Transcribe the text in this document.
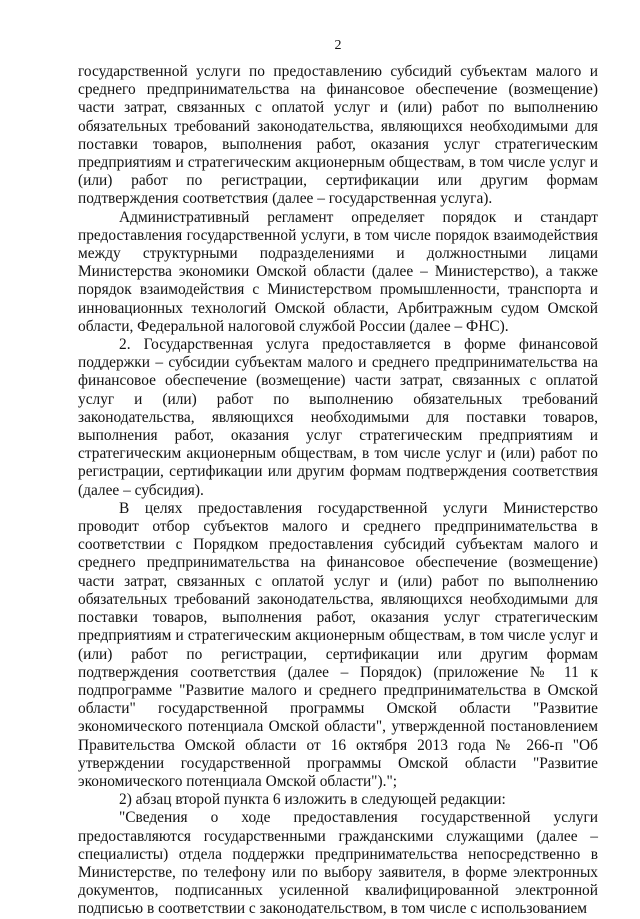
2

государственной услуги по предоставлению субсидий субъектам малого и среднего предпринимательства на финансовое обеспечение (возмещение) части затрат, связанных с оплатой услуг и (или) работ по выполнению обязательных требований законодательства, являющихся необходимыми для поставки товаров, выполнения работ, оказания услуг стратегическим предприятиям и стратегическим акционерным обществам, в том числе услуг и (или) работ по регистрации, сертификации или другим формам подтверждения соответствия (далее – государственная услуга).

Административный регламент определяет порядок и стандарт предоставления государственной услуги, в том числе порядок взаимодействия между структурными подразделениями и должностными лицами Министерства экономики Омской области (далее – Министерство), а также порядок взаимодействия с Министерством промышленности, транспорта и инновационных технологий Омской области, Арбитражным судом Омской области, Федеральной налоговой службой России (далее – ФНС).

2. Государственная услуга предоставляется в форме финансовой поддержки – субсидии субъектам малого и среднего предпринимательства на финансовое обеспечение (возмещение) части затрат, связанных с оплатой услуг и (или) работ по выполнению обязательных требований законодательства, являющихся необходимыми для поставки товаров, выполнения работ, оказания услуг стратегическим предприятиям и стратегическим акционерным обществам, в том числе услуг и (или) работ по регистрации, сертификации или другим формам подтверждения соответствия (далее – субсидия).

В целях предоставления государственной услуги Министерство проводит отбор субъектов малого и среднего предпринимательства в соответствии с Порядком предоставления субсидий субъектам малого и среднего предпринимательства на финансовое обеспечение (возмещение) части затрат, связанных с оплатой услуг и (или) работ по выполнению обязательных требований законодательства, являющихся необходимыми для поставки товаров, выполнения работ, оказания услуг стратегическим предприятиям и стратегическим акционерным обществам, в том числе услуг и (или) работ по регистрации, сертификации или другим формам подтверждения соответствия (далее – Порядок) (приложение № 11 к подпрограмме "Развитие малого и среднего предпринимательства в Омской области" государственной программы Омской области "Развитие экономического потенциала Омской области", утвержденной постановлением Правительства Омской области от 16 октября 2013 года № 266-п "Об утверждении государственной программы Омской области "Развитие экономического потенциала Омской области").";

2) абзац второй пункта 6 изложить в следующей редакции:

"Сведения о ходе предоставления государственной услуги предоставляются государственными гражданскими служащими (далее – специалисты) отдела поддержки предпринимательства непосредственно в Министерстве, по телефону или по выбору заявителя, в форме электронных документов, подписанных усиленной квалифицированной электронной подписью в соответствии с законодательством, в том числе с использованием
